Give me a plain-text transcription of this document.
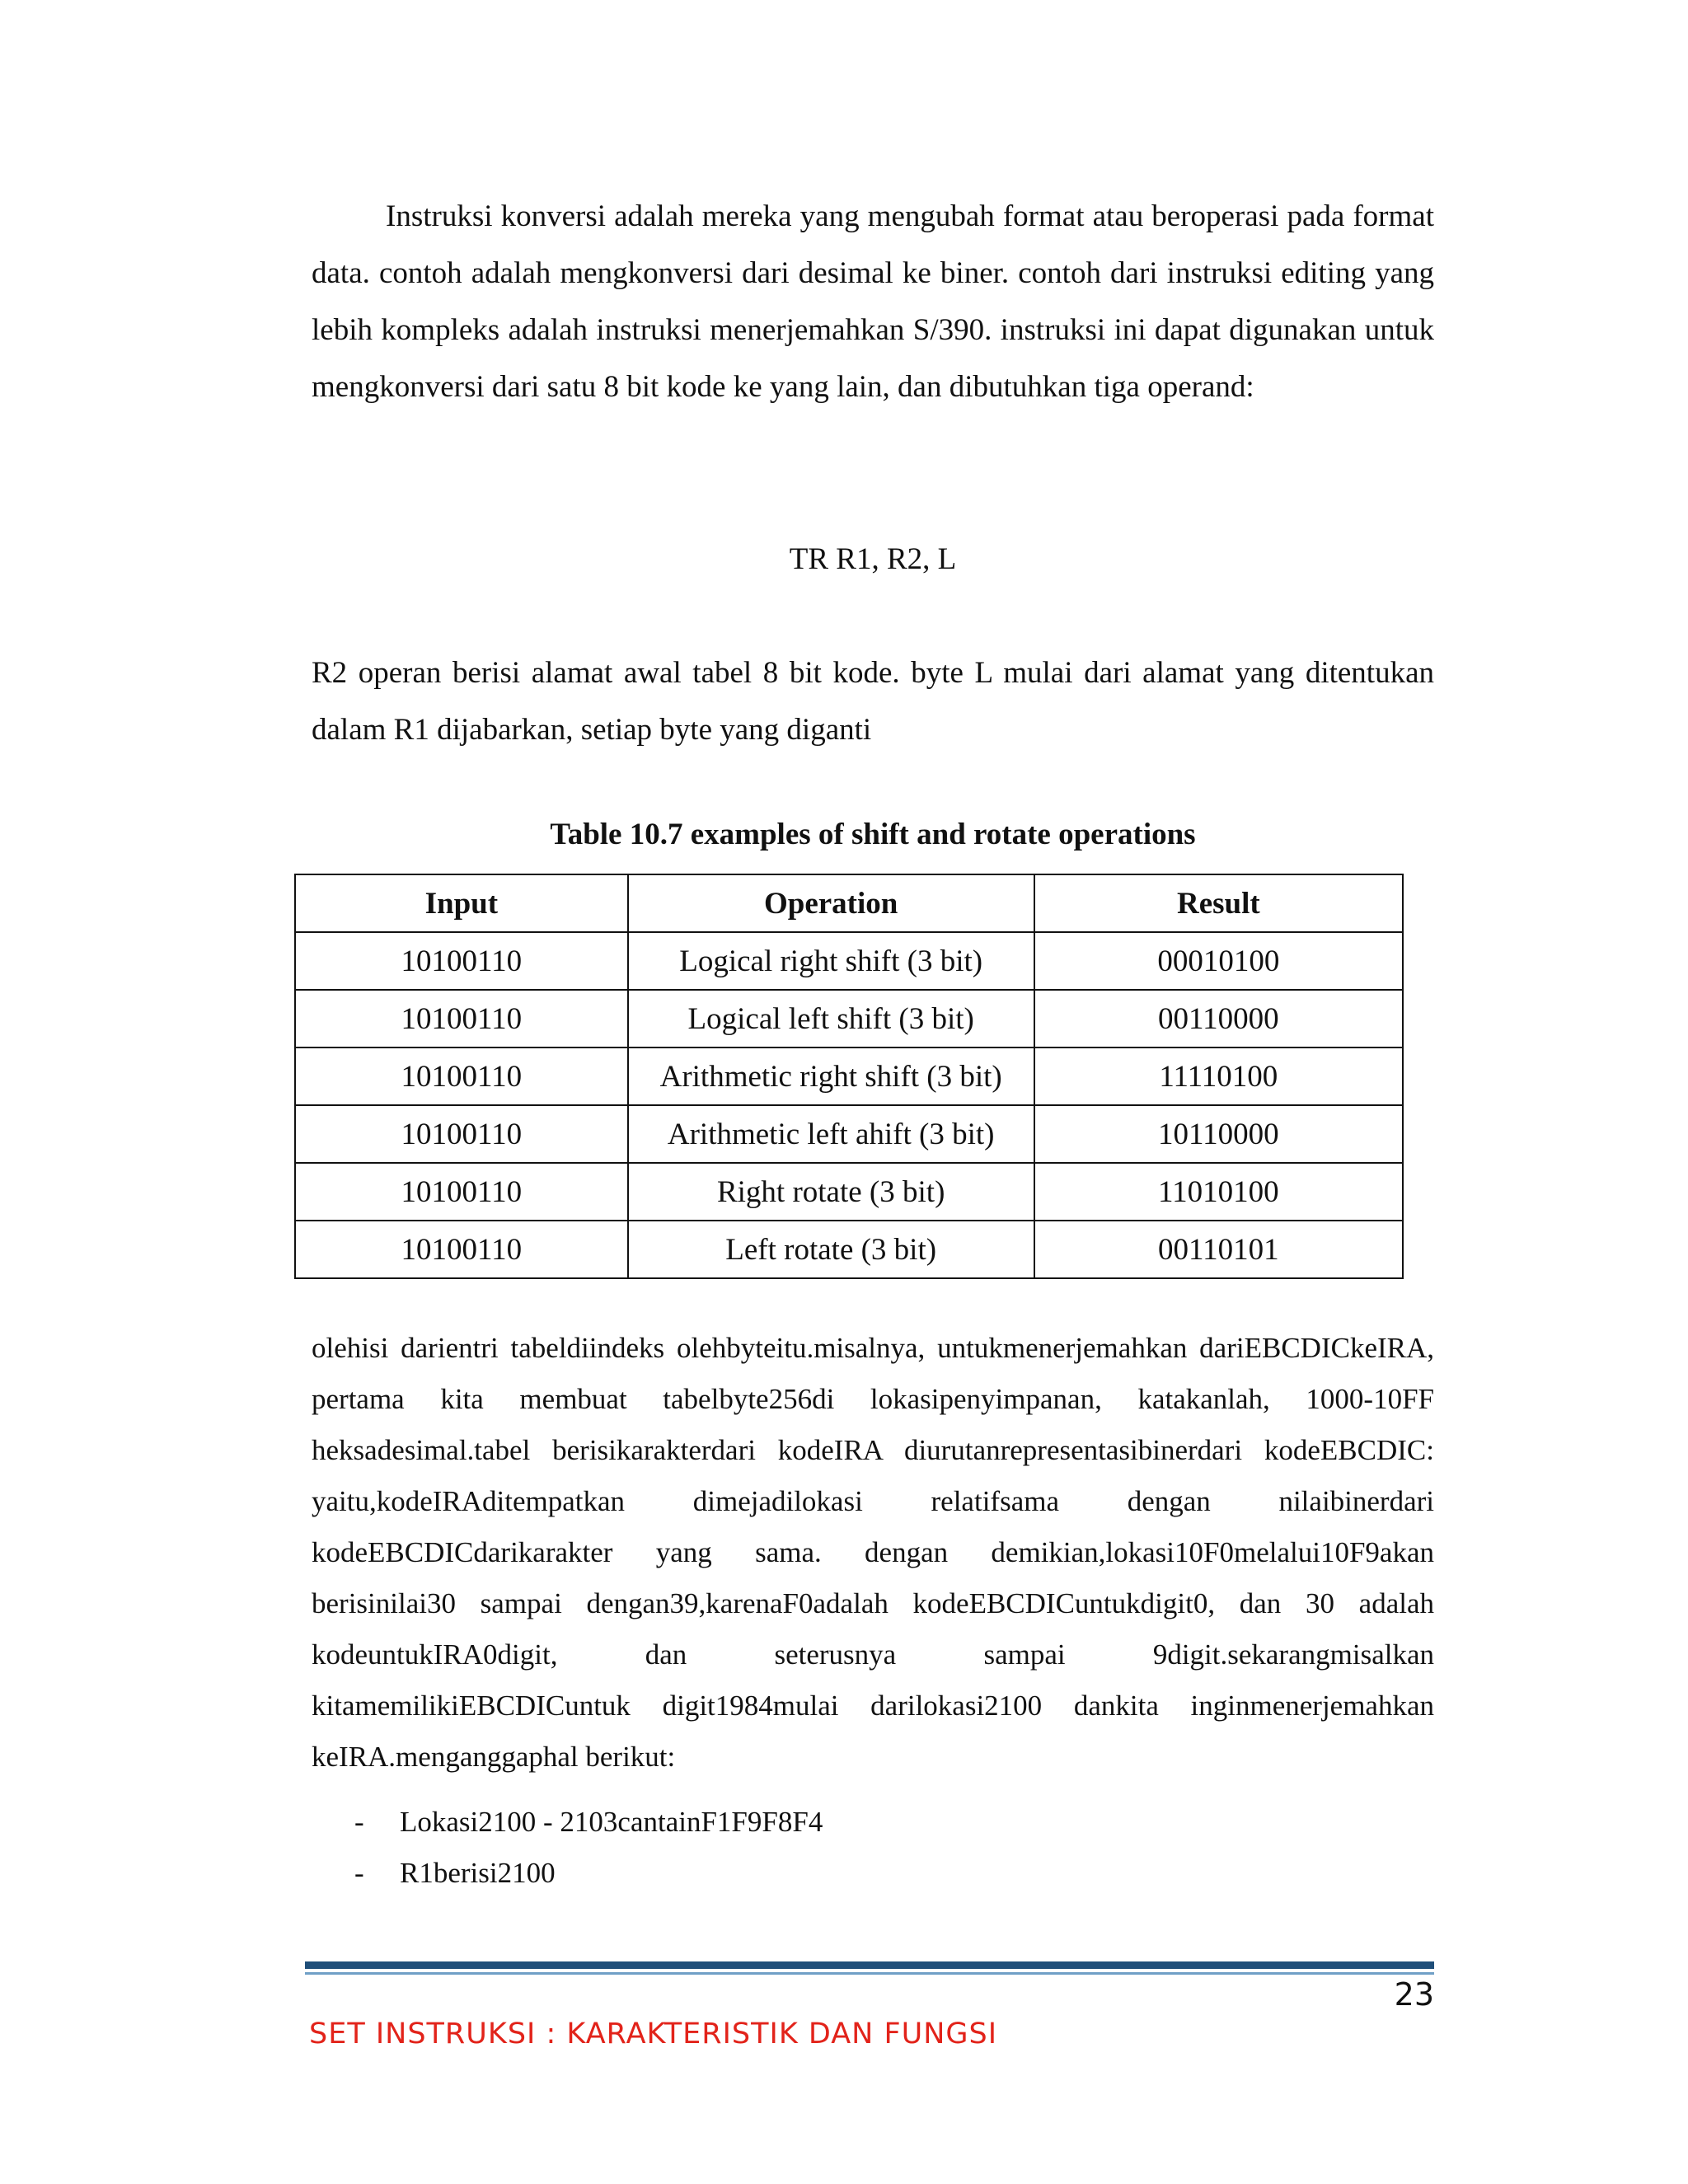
Instruksi konversi adalah mereka yang mengubah format atau beroperasi pada format data. contoh adalah mengkonversi dari desimal ke biner. contoh dari instruksi editing yang lebih kompleks adalah instruksi menerjemahkan S/390. instruksi ini dapat digunakan untuk mengkonversi dari satu 8 bit kode ke yang lain, dan dibutuhkan tiga operand:

TR R1, R2, L

R2 operan berisi alamat awal tabel 8 bit kode. byte L mulai dari alamat yang ditentukan dalam R1 dijabarkan, setiap byte yang diganti

Table 10.7 examples of shift and rotate operations

Input	Operation	Result
10100110	Logical right shift (3 bit)	00010100
10100110	Logical left shift (3 bit)	00110000
10100110	Arithmetic right shift (3 bit)	11110100
10100110	Arithmetic left ahift (3 bit)	10110000
10100110	Right rotate (3 bit)	11010100
10100110	Left rotate (3 bit)	00110101

olehisi darientri tabeldiindeks olehbyteitu.misalnya, untukmenerjemahkan dariEBCDICkeIRA, pertama kita membuat tabelbyte256di lokasipenyimpanan, katakanlah, 1000-10FF heksadesimal.tabel berisikarakterdari kodeIRA diurutanrepresentasibinerdari kodeEBCDIC: yaitu,kodeIRAditempatkan dimejadilokasi relatifsama dengan nilaibinerdari kodeEBCDICdarikarakter yang sama. dengan demikian,lokasi10F0melalui10F9akan berisinilai30 sampai dengan39,karenaF0adalah kodeEBCDICuntukdigit0, dan 30 adalah kodeuntukIRA0digit, dan seterusnya sampai 9digit.sekarangmisalkan kitamemilikiEBCDICuntuk digit1984mulai darilokasi2100 dankita inginmenerjemahkan keIRA.menganggaphal berikut:

-	Lokasi2100 - 2103cantainF1F9F8F4
-	R1berisi2100
23
SET INSTRUKSI : KARAKTERISTIK DAN FUNGSI
